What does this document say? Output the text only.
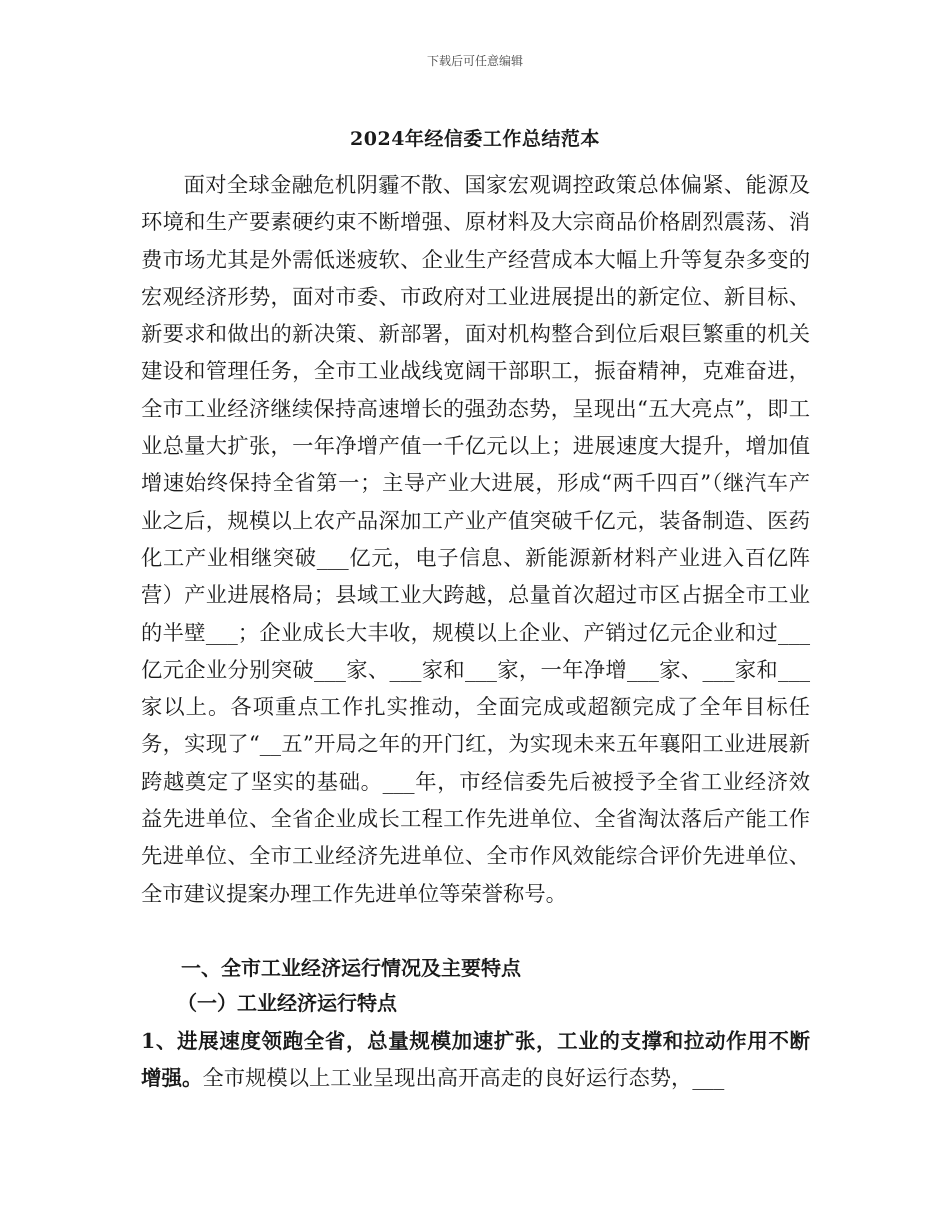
下载后可任意编辑
2024年经信委工作总结范本

面对全球金融危机阴霾不散、国家宏观调控政策总体偏紧、能源及环境和生产要素硬约束不断增强、原材料及大宗商品价格剧烈震荡、消费市场尤其是外需低迷疲软、企业生产经营成本大幅上升等复杂多变的宏观经济形势，面对市委、市政府对工业进展提出的新定位、新目标、新要求和做出的新决策、新部署，面对机构整合到位后艰巨繁重的机关建设和管理任务，全市工业战线宽阔干部职工，振奋精神，克难奋进，全市工业经济继续保持高速增长的强劲态势，呈现出“五大亮点”，即工业总量大扩张，一年净增产值一千亿元以上；进展速度大提升，增加值增速始终保持全省第一；主导产业大进展，形成“两千四百”（继汽车产业之后，规模以上农产品深加工产业产值突破千亿元，装备制造、医药化工产业相继突破___亿元，电子信息、新能源新材料产业进入百亿阵营）产业进展格局；县域工业大跨越，总量首次超过市区占据全市工业的半壁___；企业成长大丰收，规模以上企业、产销过亿元企业和过___亿元企业分别突破___家、___家和___家，一年净增___家、___家和___家以上。各项重点工作扎实推动，全面完成或超额完成了全年目标任务，实现了“__五”开局之年的开门红，为实现未来五年襄阳工业进展新跨越奠定了坚实的基础。___年，市经信委先后被授予全省工业经济效益先进单位、全省企业成长工程工作先进单位、全省淘汰落后产能工作先进单位、全市工业经济先进单位、全市作风效能综合评价先进单位、全市建议提案办理工作先进单位等荣誉称号。

一、全市工业经济运行情况及主要特点
（一）工业经济运行特点

1、进展速度领跑全省，总量规模加速扩张，工业的支撑和拉动作用不断增强。全市规模以上工业呈现出高开高走的良好运行态势，___
